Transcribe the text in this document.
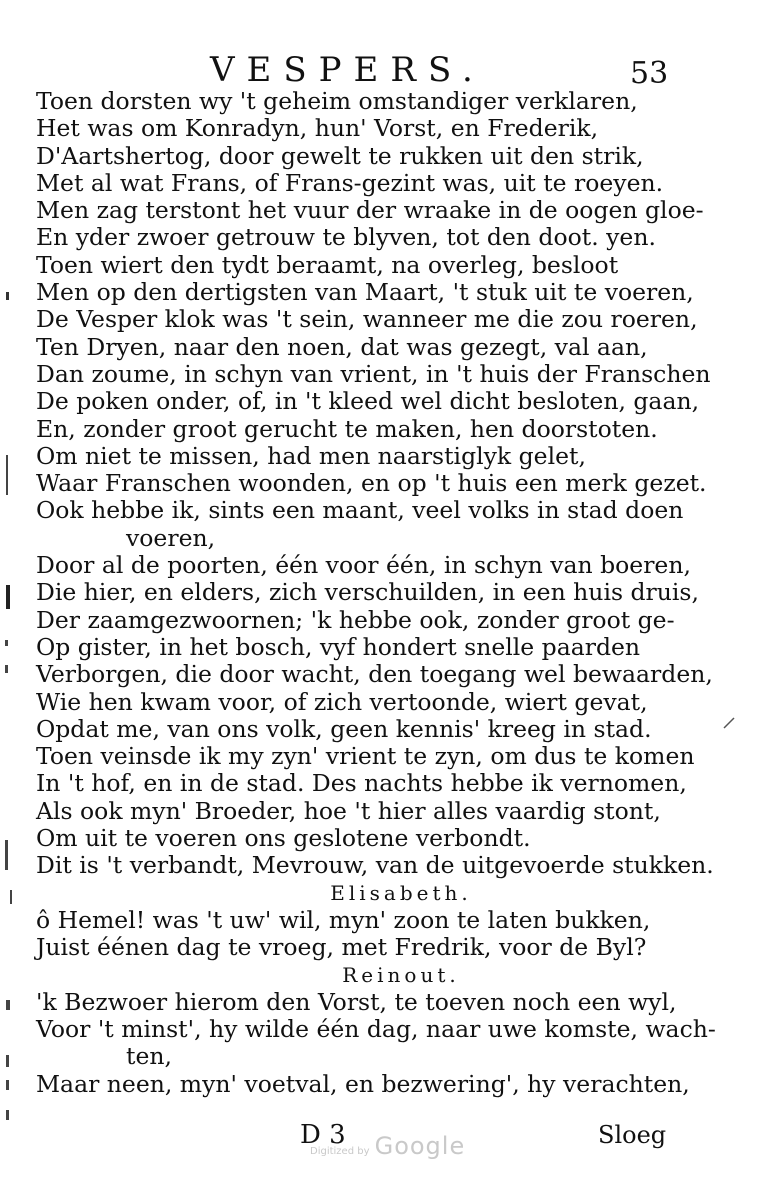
VESPERS.	53
Toen dorsten wy 't geheim omstandiger verklaren,
Het was om Konradyn, hun' Vorst, en Frederik,
D'Aartshertog, door gewelt te rukken uit den strik,
Met al wat Frans, of Frans-gezint was, uit te roeyen.
Men zag terstont het vuur der wraake in de oogen gloe-
En yder zwoer getrouw te blyven, tot den doot. yen.
Toen wiert den tydt beraamt, na overleg, besloot
Men op den dertigsten van Maart, 't stuk uit te voeren,
De Vesper klok was 't sein, wanneer me die zou roeren,
Ten Dryen, naar den noen, dat was gezegt, val aan,
Dan zoume, in schyn van vrient, in 't huis der Franschen
De poken onder, of, in 't kleed wel dicht besloten, gaan,
En, zonder groot gerucht te maken, hen doorstoten.
Om niet te missen, had men naarstiglyk gelet,
Waar Franschen woonden, en op 't huis een merk gezet.
Ook hebbe ik, sints een maant, veel volks in stad doen
voeren,
Door al de poorten, één voor één, in schyn van boeren,
Die hier, en elders, zich verschuilden, in een huis druis,
Der zaamgezwoornen; 'k hebbe ook, zonder groot ge-
Op gister, in het bosch, vyf hondert snelle paarden
Verborgen, die door wacht, den toegang wel bewaarden,
Wie hen kwam voor, of zich vertoonde, wiert gevat,
Opdat me, van ons volk, geen kennis' kreeg in stad.
Toen veinsde ik my zyn' vrient te zyn, om dus te komen
In 't hof, en in de stad. Des nachts hebbe ik vernomen,
Als ook myn' Broeder, hoe 't hier alles vaardig stont,
Om uit te voeren ons geslotene verbondt.
Dit is 't verbandt, Mevrouw, van de uitgevoerde stukken.
Elisabeth.
ô Hemel! was 't uw' wil, myn' zoon te laten bukken,
Juist éénen dag te vroeg, met Fredrik, voor de Byl?
Reinout.
'k Bezwoer hierom den Vorst, te toeven noch een wyl,
Voor 't minst', hy wilde één dag, naar uwe komste, wach-
ten,
Maar neen, myn' voetval, en bezwering', hy verachten,
D 3
Digitized by Google	Sloeg
